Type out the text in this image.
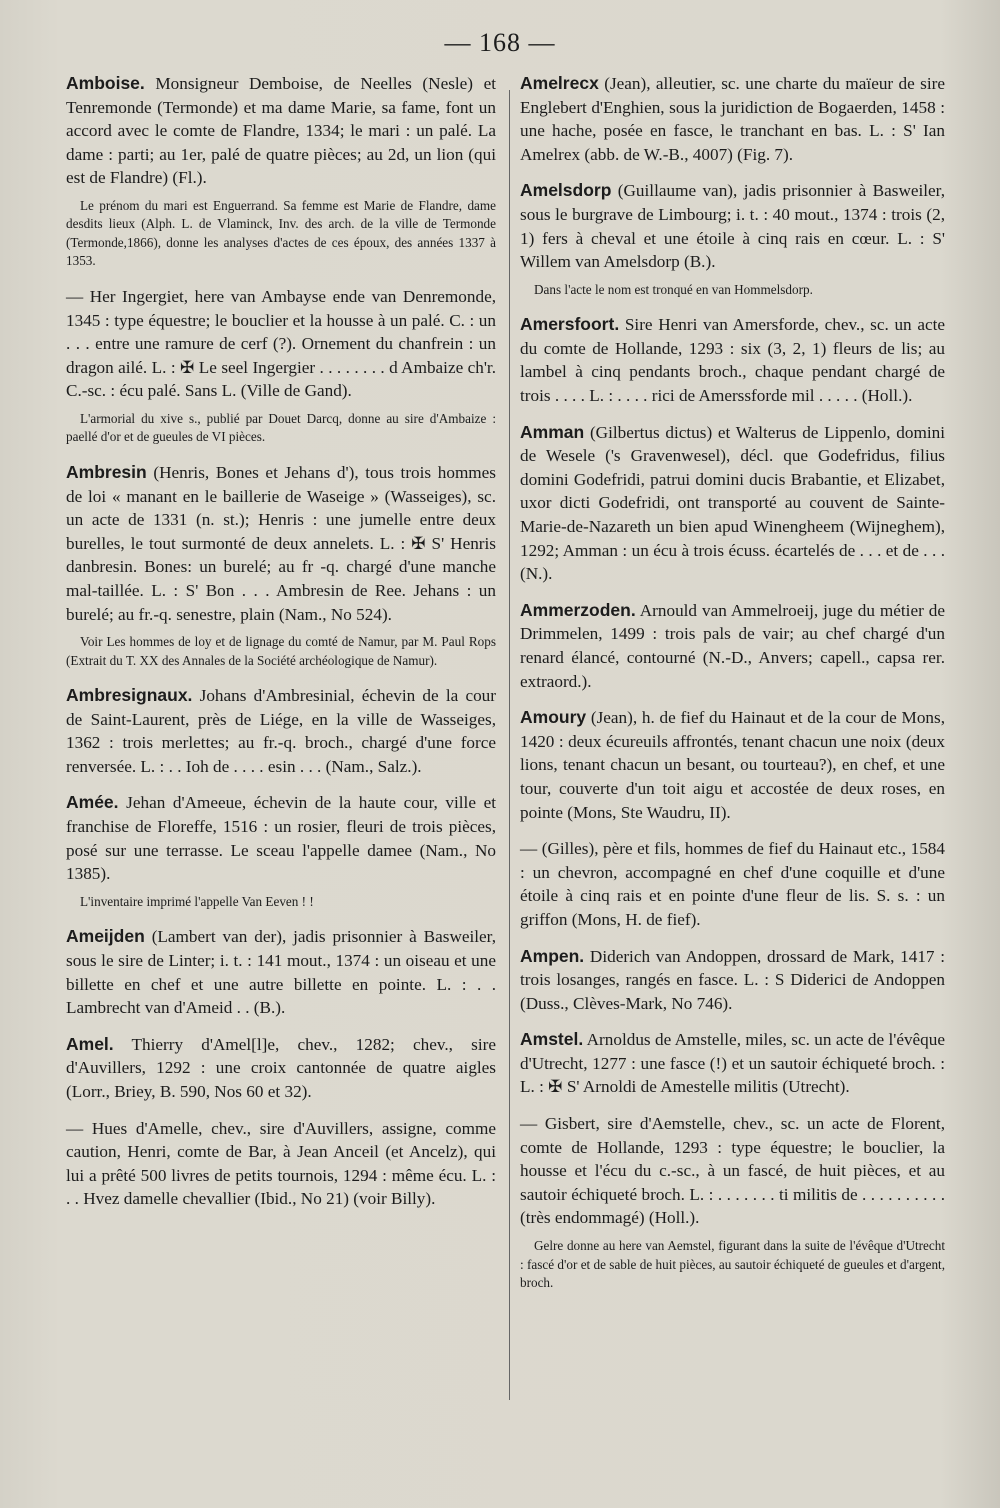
— 168 —

Amboise. Monsigneur Demboise, de Neelles (Nesle) et Tenremonde (Termonde) et ma dame Marie, sa fame, font un accord avec le comte de Flandre, 1334; le mari : un palé. La dame : parti; au 1er, palé de quatre pièces; au 2d, un lion (qui est de Flandre) (Fl.).

Le prénom du mari est Enguerrand. Sa femme est Marie de Flandre, dame desdits lieux (Alph. L. de Vlaminck, Inv. des arch. de la ville de Termonde (Termonde,1866), donne les analyses d'actes de ces époux, des années 1337 à 1353.

— Her Ingergiet, here van Ambayse ende van Denremonde, 1345 : type équestre; le bouclier et la housse à un palé. C. : un . . . entre une ramure de cerf (?). Ornement du chanfrein : un dragon ailé. L. : ✠ Le seel Ingergier . . . . . . . . d Ambaize ch'r. C.-sc. : écu palé. Sans L. (Ville de Gand).

L'armorial du xive s., publié par Douet Darcq, donne au sire d'Ambaize : paellé d'or et de gueules de VI pièces.

Ambresin (Henris, Bones et Jehans d'), tous trois hommes de loi « manant en le baillerie de Waseige » (Wasseiges), sc. un acte de 1331 (n. st.); Henris : une jumelle entre deux burelles, le tout surmonté de deux annelets. L. : ✠ S' Henris danbresin. Bones: un burelé; au fr -q. chargé d'une manche mal-taillée. L. : S' Bon . . . Ambresin de Ree. Jehans : un burelé; au fr.-q. senestre, plain (Nam., No 524).

Voir Les hommes de loy et de lignage du comté de Namur, par M. Paul Rops (Extrait du T. XX des Annales de la Société archéologique de Namur).

Ambresignaux. Johans d'Ambresinial, échevin de la cour de Saint-Laurent, près de Liége, en la ville de Wasseiges, 1362 : trois merlettes; au fr.-q. broch., chargé d'une force renversée. L. : . . Ioh de . . . . esin . . . (Nam., Salz.).

Amée. Jehan d'Ameeue, échevin de la haute cour, ville et franchise de Floreffe, 1516 : un rosier, fleuri de trois pièces, posé sur une terrasse. Le sceau l'appelle damee (Nam., No 1385).

L'inventaire imprimé l'appelle Van Eeven ! !

Ameijden (Lambert van der), jadis prisonnier à Basweiler, sous le sire de Linter; i. t. : 141 mout., 1374 : un oiseau et une billette en chef et une autre billette en pointe. L. : . . Lambrecht van d'Ameid . . (B.).

Amel. Thierry d'Amel[l]e, chev., 1282; chev., sire d'Auvillers, 1292 : une croix cantonnée de quatre aigles (Lorr., Briey, B. 590, Nos 60 et 32).

— Hues d'Amelle, chev., sire d'Auvillers, assigne, comme caution, Henri, comte de Bar, à Jean Anceil (et Ancelz), qui lui a prêté 500 livres de petits tournois, 1294 : même écu. L. : . . Hvez damelle chevallier (Ibid., No 21) (voir Billy).

Amelrecx (Jean), alleutier, sc. une charte du maïeur de sire Englebert d'Enghien, sous la juridiction de Bogaerden, 1458 : une hache, posée en fasce, le tranchant en bas. L. : S' Ian Amelrex (abb. de W.-B., 4007) (Fig. 7).

Amelsdorp (Guillaume van), jadis prisonnier à Basweiler, sous le burgrave de Limbourg; i. t. : 40 mout., 1374 : trois (2, 1) fers à cheval et une étoile à cinq rais en cœur. L. : S' Willem van Amelsdorp (B.).

Dans l'acte le nom est tronqué en van Hommelsdorp.

Amersfoort. Sire Henri van Amersforde, chev., sc. un acte du comte de Hollande, 1293 : six (3, 2, 1) fleurs de lis; au lambel à cinq pendants broch., chaque pendant chargé de trois . . . . L. : . . . . rici de Amerssforde mil . . . . . (Holl.).

Amman (Gilbertus dictus) et Walterus de Lippenlo, domini de Wesele ('s Gravenwesel), décl. que Godefridus, filius domini Godefridi, patrui domini ducis Brabantie, et Elizabet, uxor dicti Godefridi, ont transporté au couvent de Sainte-Marie-de-Nazareth un bien apud Winengheem (Wijneghem), 1292; Amman : un écu à trois écuss. écartelés de . . . et de . . . (N.).

Ammerzoden. Arnould van Ammelroeij, juge du métier de Drimmelen, 1499 : trois pals de vair; au chef chargé d'un renard élancé, contourné (N.-D., Anvers; capell., capsa rer. extraord.).

Amoury (Jean), h. de fief du Hainaut et de la cour de Mons, 1420 : deux écureuils affrontés, tenant chacun une noix (deux lions, tenant chacun un besant, ou tourteau?), en chef, et une tour, couverte d'un toit aigu et accostée de deux roses, en pointe (Mons, Ste Waudru, II).

— (Gilles), père et fils, hommes de fief du Hainaut etc., 1584 : un chevron, accompagné en chef d'une coquille et d'une étoile à cinq rais et en pointe d'une fleur de lis. S. s. : un griffon (Mons, H. de fief).

Ampen. Diderich van Andoppen, drossard de Mark, 1417 : trois losanges, rangés en fasce. L. : S Diderici de Andoppen (Duss., Clèves-Mark, No 746).

Amstel. Arnoldus de Amstelle, miles, sc. un acte de l'évêque d'Utrecht, 1277 : une fasce (!) et un sautoir échiqueté broch. : L. : ✠ S' Arnoldi de Amestelle militis (Utrecht).

— Gisbert, sire d'Aemstelle, chev., sc. un acte de Florent, comte de Hollande, 1293 : type équestre; le bouclier, la housse et l'écu du c.-sc., à un fascé, de huit pièces, et au sautoir échiqueté broch. L. : . . . . . . . ti militis de . . . . . . . . . . (très endommagé) (Holl.).

Gelre donne au here van Aemstel, figurant dans la suite de l'évêque d'Utrecht : fascé d'or et de sable de huit pièces, au sautoir échiqueté de gueules et d'argent, broch.
